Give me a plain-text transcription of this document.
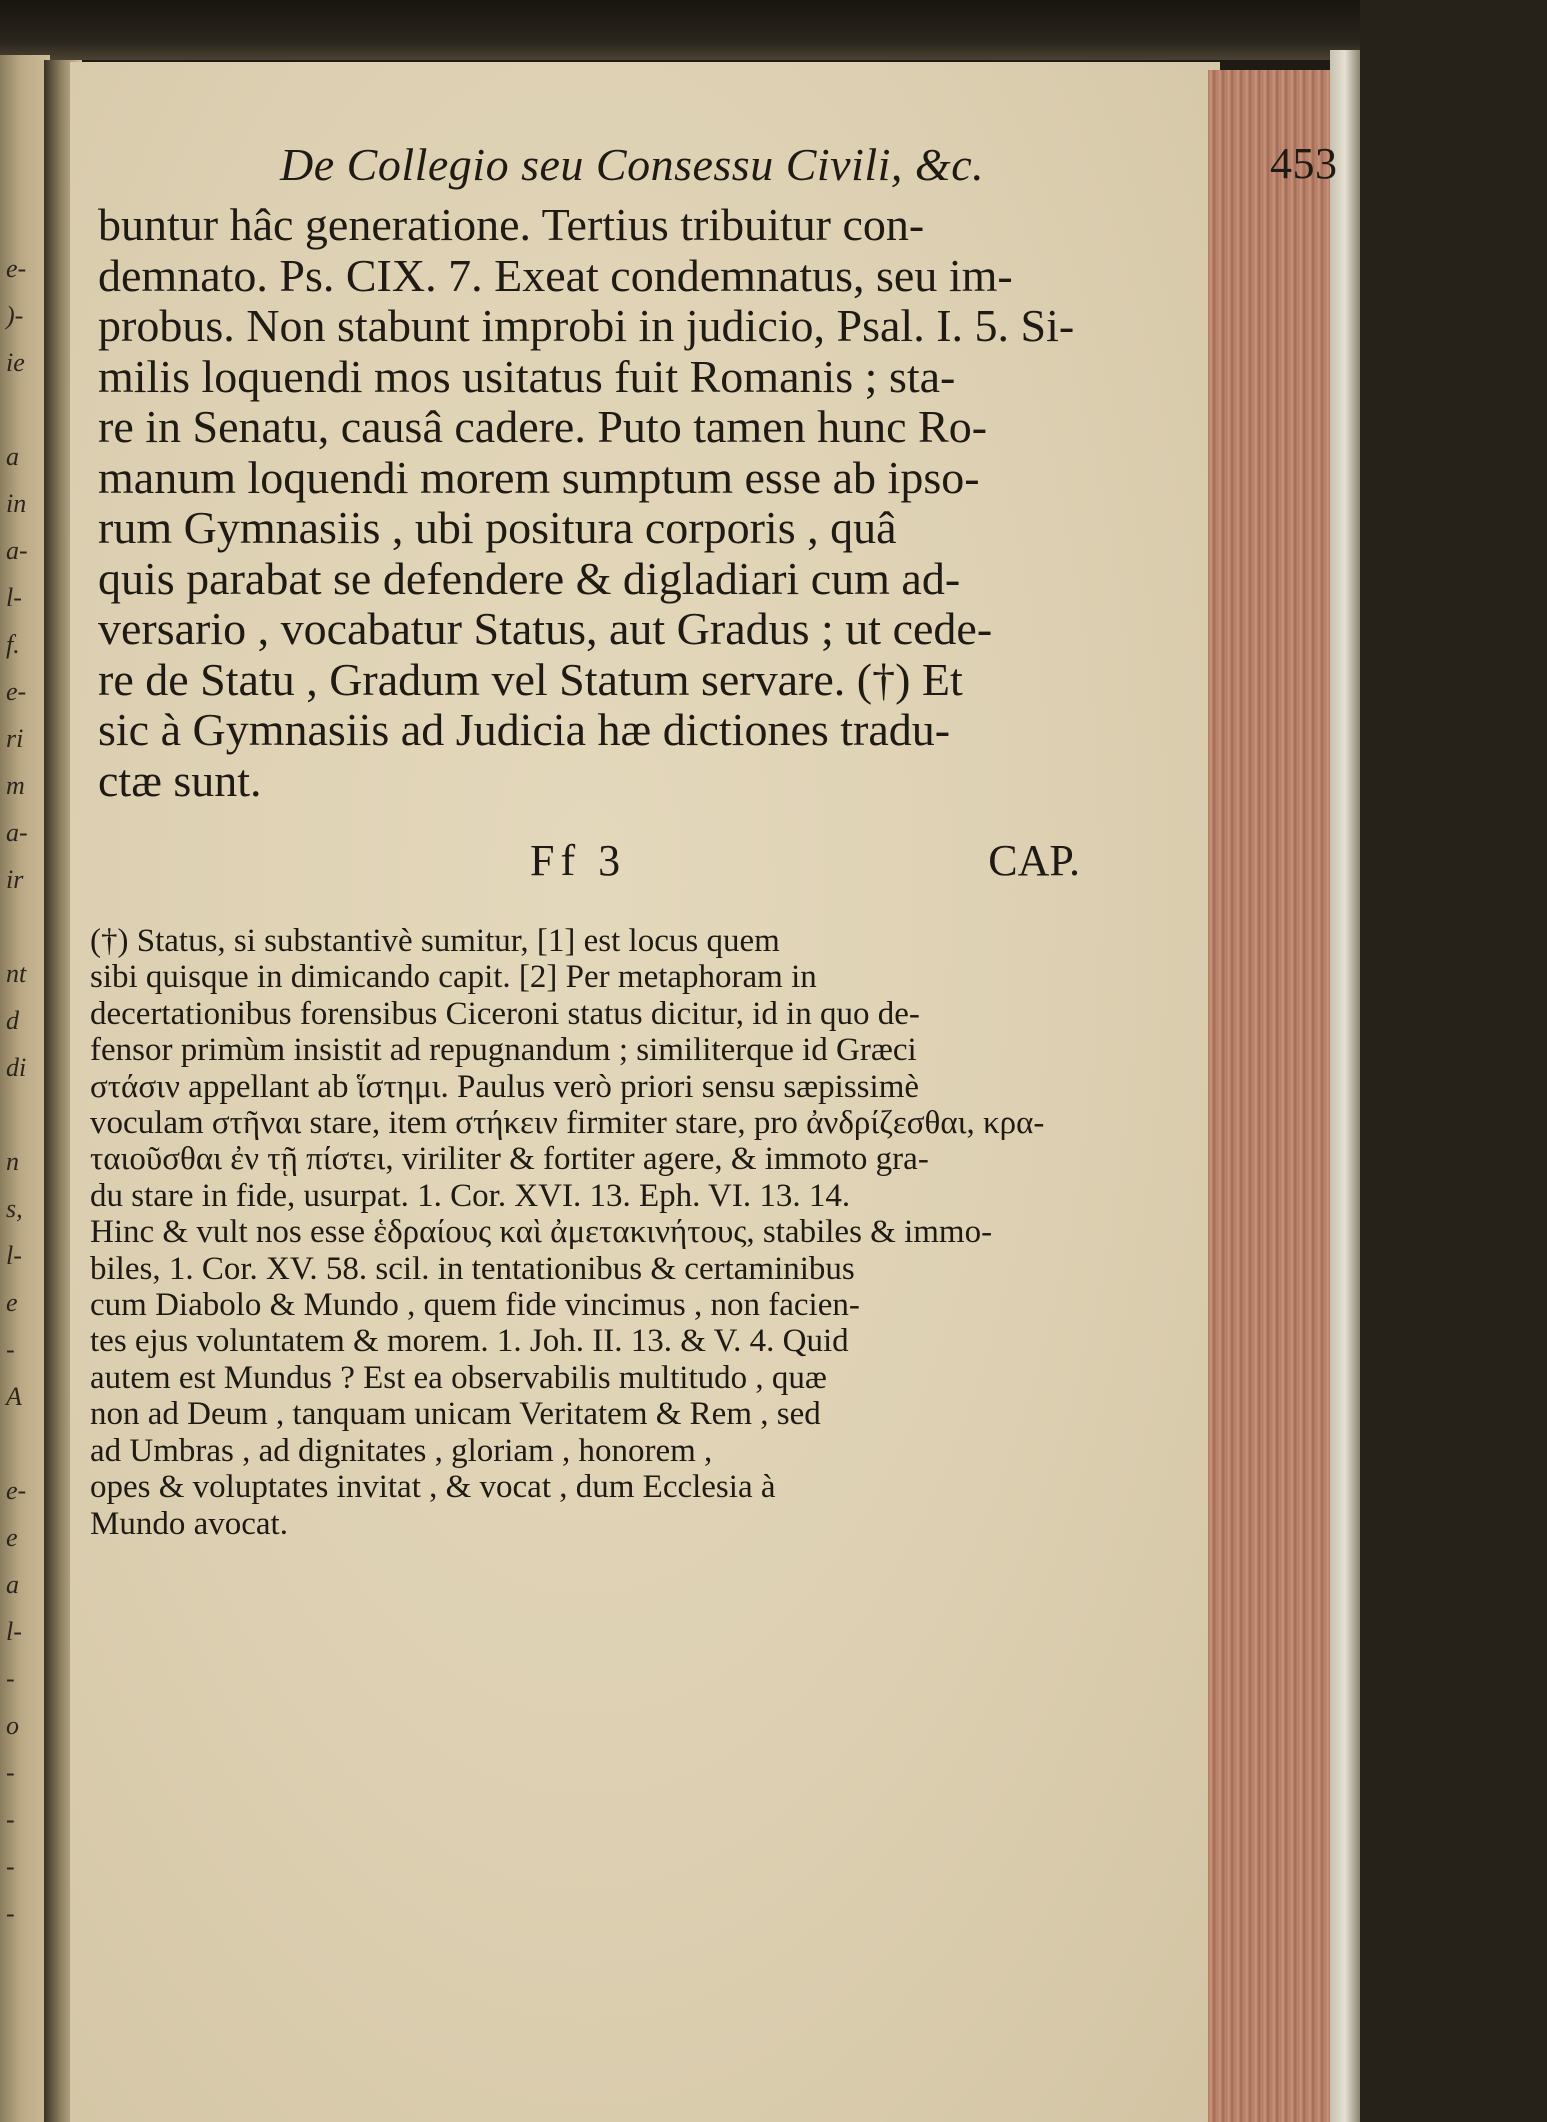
e-
)-
ie
a
in
a-
l-
f.
e-
ri
m
a-
ir
nt
d
di
n
s,
l-
e
-
A
e-
e
a
l-
-
o
-
-
-
-
De Collegio seu Consessu Civili, &c.	453
buntur hâc generatione. Tertius tribuitur con-
demnato. Ps. CIX. 7. Exeat condemnatus, seu im-
probus. Non stabunt improbi in judicio, Psal. I. 5. Si-
milis loquendi mos usitatus fuit Romanis ; sta-
re in Senatu, causâ cadere. Puto tamen hunc Ro-
manum loquendi morem sumptum esse ab ipso-
rum Gymnasiis , ubi positura corporis , quâ
quis parabat se defendere & digladiari cum ad-
versario , vocabatur Status, aut Gradus ; ut cede-
re de Statu , Gradum vel Statum servare. (†) Et
sic à Gymnasiis ad Judicia hæ dictiones tradu-
ctæ sunt.
Ff 3	CAP.
(†) Status, si substantivè sumitur, [1] est locus quem
sibi quisque in dimicando capit. [2] Per metaphoram in
decertationibus forensibus Ciceroni status dicitur, id in quo de-
fensor primùm insistit ad repugnandum ; similiterque id Græci
στάσιν appellant ab ἵστημι. Paulus verò priori sensu sæpissimè
voculam στῆναι stare, item στήκειν firmiter stare, pro ἀνδρίζεσθαι, κρα-
ταιοῦσθαι ἐν τῇ πίστει, viriliter & fortiter agere, & immoto gra-
du stare in fide, usurpat. 1. Cor. XVI. 13. Eph. VI. 13. 14.
Hinc & vult nos esse ἑδραίους καὶ ἀμετακινήτους, stabiles & immo-
biles, 1. Cor. XV. 58. scil. in tentationibus & certaminibus
cum Diabolo & Mundo , quem fide vincimus , non facien-
tes ejus voluntatem & morem. 1. Joh. II. 13. & V. 4. Quid
autem est Mundus ? Est ea observabilis multitudo , quæ
non ad Deum , tanquam unicam Veritatem & Rem , sed
ad Umbras , ad dignitates , gloriam , honorem ,
opes & voluptates invitat , & vocat , dum Ecclesia à
Mundo avocat.
